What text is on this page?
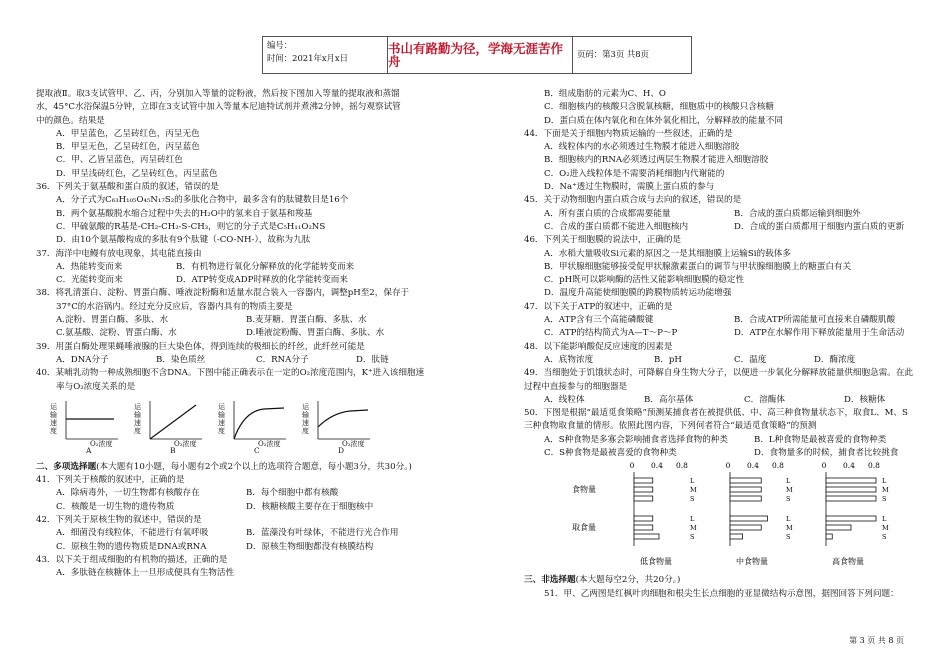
编号：
时间：2021年x月x日
书山有路勤为径，学海无涯苦作舟	页码：第3页 共8页
提取液Ⅱ。取3支试管甲、乙、丙，分别加入等量的淀粉液，然后按下图加入等量的提取液和蒸馏
水，45°C水浴保温5分钟，立即在3支试管中加入等量本尼迪特试剂并煮沸2分钟，摇匀观察试管
中的颜色。结果是
A．甲呈蓝色，乙呈砖红色，丙呈无色
B．甲呈无色，乙呈砖红色，丙呈蓝色
C．甲、乙皆呈蓝色，丙呈砖红色
D．甲呈浅砖红色，乙呈砖红色，丙呈蓝色
36．下列关于氨基酸和蛋白质的叙述，错误的是
A．分子式为C₆₃H₁₀₅O₄₅N₁₇S₂的多肽化合物中，最多含有的肽键数目是16个
B．两个氨基酸脱水缩合过程中失去的H₂O中的氢来自于氨基和羧基
C．甲硫氨酸的R基是-CH₂-CH₂-S-CH₃，则它的分子式是C₅H₁₁O₂NS
D．由10个氨基酸构成的多肽有9个肽键（-CO-NH-），故称为九肽
37．海洋中电鳗有放电现象，其电能直接由
A．热能转变而来	B．有机物进行氧化分解释放的化学能转变而来
C．光能转变而来	D．ATP转变成ADP时释放的化学能转变而来
38．将乳清蛋白、淀粉、胃蛋白酶、唾液淀粉酶和适量水混合装入一容器内，调整pH至2，保存于
37°C的水浴锅内。经过充分反应后，容器内具有的物质主要是
A.淀粉、胃蛋白酶、多肽、水	B.麦芽糖、胃蛋白酶、多肽、水
C.氨基酸、淀粉、胃蛋白酶、水	D.唾液淀粉酶、胃蛋白酶、多肽、水
39．用蛋白酶处理果蝇唾液腺的巨大染色体，得到连续的极细长的纤丝，此纤丝可能是
A．DNA分子	B．染色质丝	C．RNA分子	D．肽链
40．某哺乳动物一种成熟细胞不含DNA。下图中能正确表示在一定的O₂浓度范围内，K⁺进入该细胞速
率与O₂浓度关系的是
运输速度
O₂浓度
A
运输速度
O₂浓度
B
运输速度
O₂浓度
C
运输速度
O₂浓度
D
二、多项选择题(本大题有10小题，每小题有2个或2个以上的选项符合题意，每小题3分，共30分。)
41．下列关于核酸的叙述中，正确的是
A．除病毒外，一切生物都有核酸存在	B．每个细胞中都有核酸
C．核酸是一切生物的遗传物质	D．核糖核酸主要存在于细胞核中
42．下列关于原核生物的叙述中，错误的是
A．细菌没有线粒体，不能进行有氧呼吸	B．蓝藻没有叶绿体，不能进行光合作用
C．原核生物的遗传物质是DNA或RNA	D．原核生物细胞都没有核膜结构
43．以下关于组成细胞的有机物的描述，正确的是
A．多肽链在核糖体上一旦形成便具有生物活性
B．组成脂肪的元素为C、H、O
C．细胞核内的核酸只含脱氧核糖，细胞质中的核酸只含核糖
D．蛋白质在体内氧化和在体外氧化相比，分解释放的能量不同
44．下面是关于细胞内物质运输的一些叙述，正确的是
A．线粒体内的水必须透过生物膜才能进入细胞溶胶
B．细胞核内的RNA必须透过两层生物膜才能进入细胞溶胶
C．O₂进入线粒体是不需要消耗细胞内代谢能的
D．Na⁺透过生物膜时，需膜上蛋白质的参与
45．关于动物细胞内蛋白质合成与去向的叙述，错误的是
A．所有蛋白质的合成都需要能量	B．合成的蛋白质都运输到细胞外
C．合成的蛋白质都不能进入细胞核内	D．合成的蛋白质都用于细胞内蛋白质的更新
46．下列关于细胞膜的说法中，正确的是
A．水稻大量吸收Si元素的原因之一是其细胞膜上运输Si的载体多
B．甲状腺细胞能够接受促甲状腺激素蛋白的调节与甲状腺细胞膜上的糖蛋白有关
C．pH既可以影响酶的活性又能影响细胞膜的稳定性
D．温度升高能使细胞膜的跨膜物质转运功能增强
47．以下关于ATP的叙述中，正确的是
A．ATP含有三个高能磷酸键	B．合成ATP所需能量可直接来自磷酸肌酸
C．ATP的结构简式为A—T～P～P	D．ATP在水解作用下释放能量用于生命活动
48．以下能影响酸促反应速度的因素是
A．底物浓度	B．pH	C．温度	D．酶浓度
49．当细胞处于饥饿状态时，可降解自身生物大分子，以便进一步氧化分解释放能量供细胞急需。在此
过程中直接参与的细胞器是
A．线粒体	B．高尔基体	C．溶酶体	D．核糖体
50．下图是根据“最适觅食策略”预测某捕食者在被提供低、中、高三种食物量状态下，取食L、M、S
三种食物取食量的情形。依照此图内容，下列何者符合“最适觅食策略”的预测
A．S种食物是多寡会影响捕食者选择食物的种类	B．L种食物是最被喜爱的食物种类
C．S种食物是最被喜爱的食物种类	D．食物量多的时候，捕食者比较挑食
食物量
取食量
0 0.4 0.8
L
M
S
L
M
S
低食物量
0 0.4 0.8
L
M
S
L
M
S
中食物量
0 0.4 0.8
L
M
S
L
M
S
高食物量
三、非选择题(本大题每空2分，共20分。)
51．甲、乙两图是红枫叶肉细胞和根尖生长点细胞的亚显微结构示意图，据图回答下列问题：
第 3 页 共 8 页
